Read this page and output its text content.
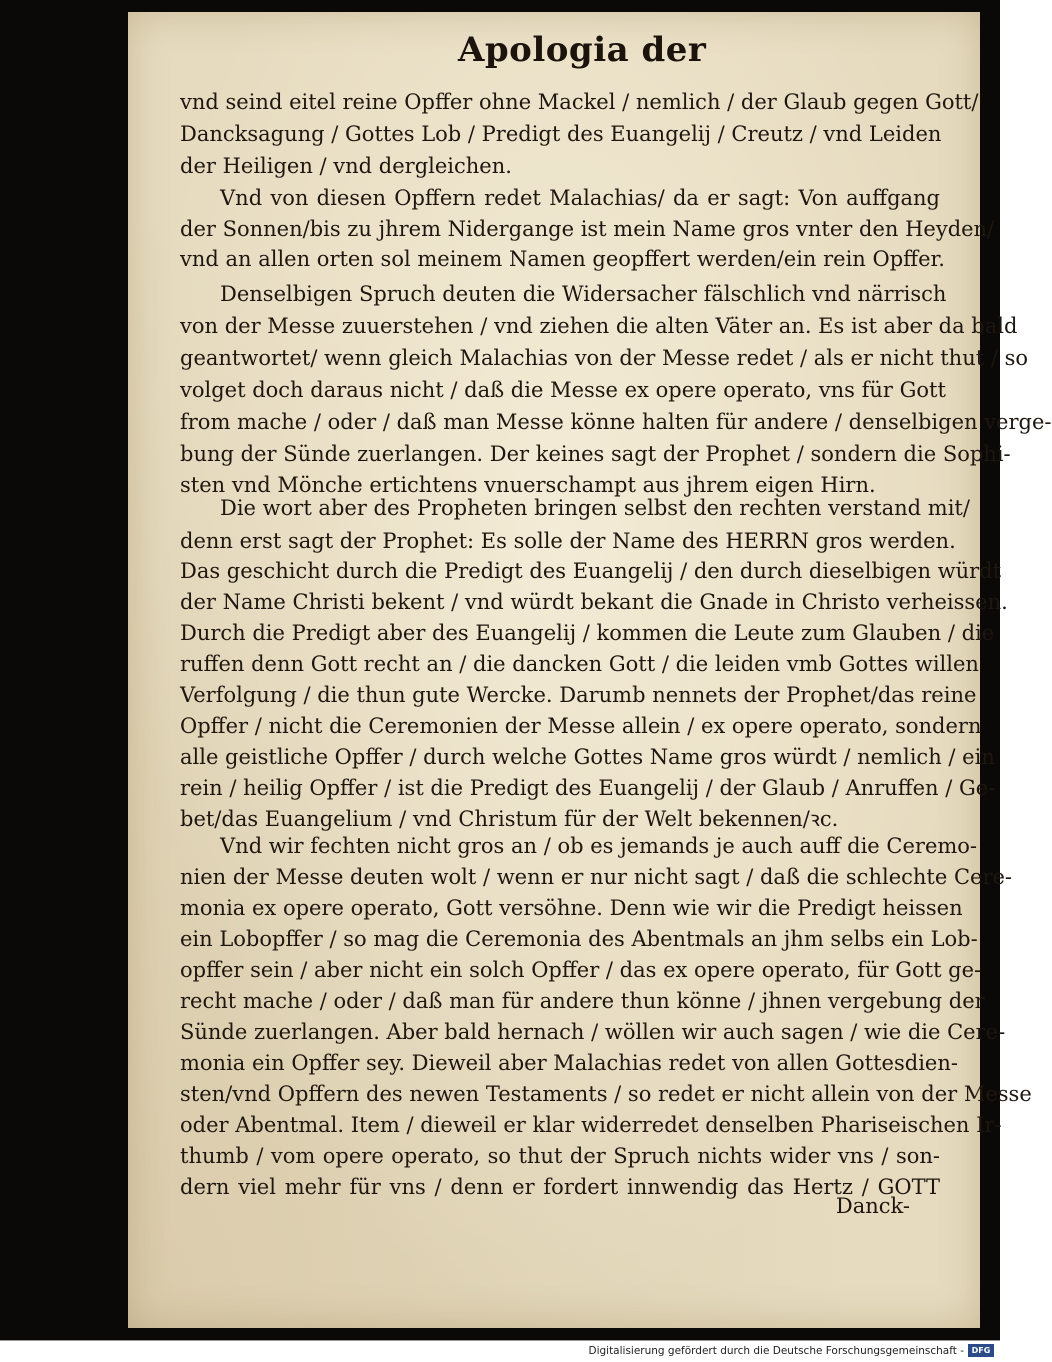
Apologia der
vnd seind eitel reine Opffer ohne Mackel / nemlich / der Glaub gegen Gott/
Dancksagung / Gottes Lob / Predigt des Euangelij / Creutz / vnd Leiden
der Heiligen / vnd dergleichen.
Vnd von diesen Opffern redet Malachias/ da er sagt: Von auffgang
der Sonnen/bis zu jhrem Nidergange ist mein Name gros vnter den Heyden/
vnd an allen orten sol meinem Namen geopffert werden/ein rein Opffer.
Denselbigen Spruch deuten die Widersacher fälschlich vnd närrisch
von der Messe zuuerstehen / vnd ziehen die alten Väter an. Es ist aber da bald
geantwortet/ wenn gleich Malachias von der Messe redet / als er nicht thut / so
volget doch daraus nicht / daß die Messe ex opere operato, vns für Gott
from mache / oder / daß man Messe könne halten für andere / denselbigen verge-
bung der Sünde zuerlangen. Der keines sagt der Prophet / sondern die Sophi-
sten vnd Mönche ertichtens vnuerschampt aus jhrem eigen Hirn.
Die wort aber des Propheten bringen selbst den rechten verstand mit/
denn erst sagt der Prophet: Es solle der Name des HERRN gros werden.
Das geschicht durch die Predigt des Euangelij / den durch dieselbigen würdt
der Name Christi bekent / vnd würdt bekant die Gnade in Christo verheissen.
Durch die Predigt aber des Euangelij / kommen die Leute zum Glauben / die
ruffen denn Gott recht an / die dancken Gott / die leiden vmb Gottes willen
Verfolgung / die thun gute Wercke. Darumb nennets der Prophet/das reine
Opffer / nicht die Ceremonien der Messe allein / ex opere operato, sondern
alle geistliche Opffer / durch welche Gottes Name gros würdt / nemlich / ein
rein / heilig Opffer / ist die Predigt des Euangelij / der Glaub / Anruffen / Ge-
bet/das Euangelium / vnd Christum für der Welt bekennen/ꝛc.
Vnd wir fechten nicht gros an / ob es jemands je auch auff die Ceremo-
nien der Messe deuten wolt / wenn er nur nicht sagt / daß die schlechte Cere-
monia ex opere operato, Gott versöhne. Denn wie wir die Predigt heissen
ein Lobopffer / so mag die Ceremonia des Abentmals an jhm selbs ein Lob-
opffer sein / aber nicht ein solch Opffer / das ex opere operato, für Gott ge-
recht mache / oder / daß man für andere thun könne / jhnen vergebung der
Sünde zuerlangen. Aber bald hernach / wöllen wir auch sagen / wie die Cere-
monia ein Opffer sey. Dieweil aber Malachias redet von allen Gottesdien-
sten/vnd Opffern des newen Testaments / so redet er nicht allein von der Messe
oder Abentmal. Item / dieweil er klar widerredet denselben Phariseischen Ir-
thumb / vom opere operato, so thut der Spruch nichts wider vns / son-
dern viel mehr für vns / denn er fordert innwendig das Hertz / GOTT
Danck-
Digitalisierung gefördert durch die Deutsche Forschungsgemeinschaft - DFG
